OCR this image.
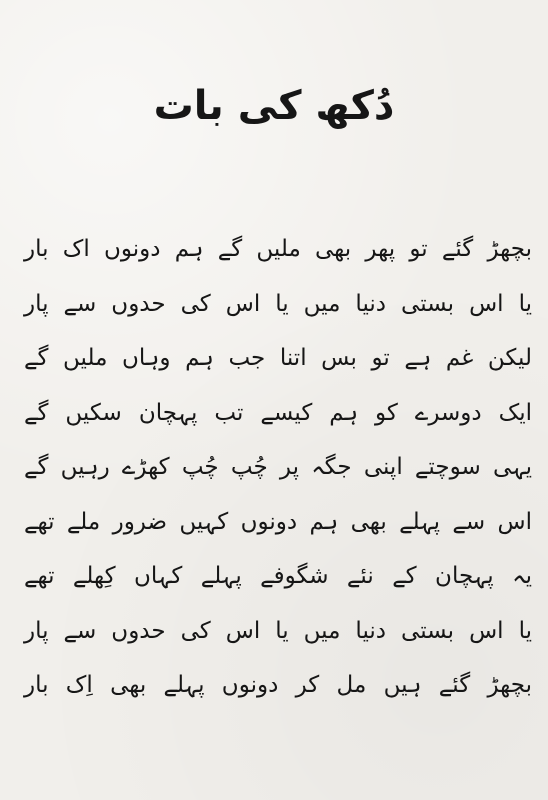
دُکھ کی بات
بچھڑ گئے تو پھر بھی ملیں گے ہم دونوں اک بار
یا اس بستی دنیا میں یا اس کی حدوں سے پار
لیکن غم ہے تو بس اتنا جب ہم وہاں ملیں گے
ایک دوسرے کو ہم کیسے تب پہچان سکیں گے
یہی سوچتے اپنی جگہ پر چُپ چُپ کھڑے رہیں گے
اس سے پہلے بھی ہم دونوں کہیں ضرور ملے تھے
یہ پہچان کے نئے شگوفے پہلے کہاں کِھلے تھے
یا اس بستی دنیا میں یا اس کی حدوں سے پار
بچھڑ گئے ہیں مل کر دونوں پہلے بھی اِک بار
